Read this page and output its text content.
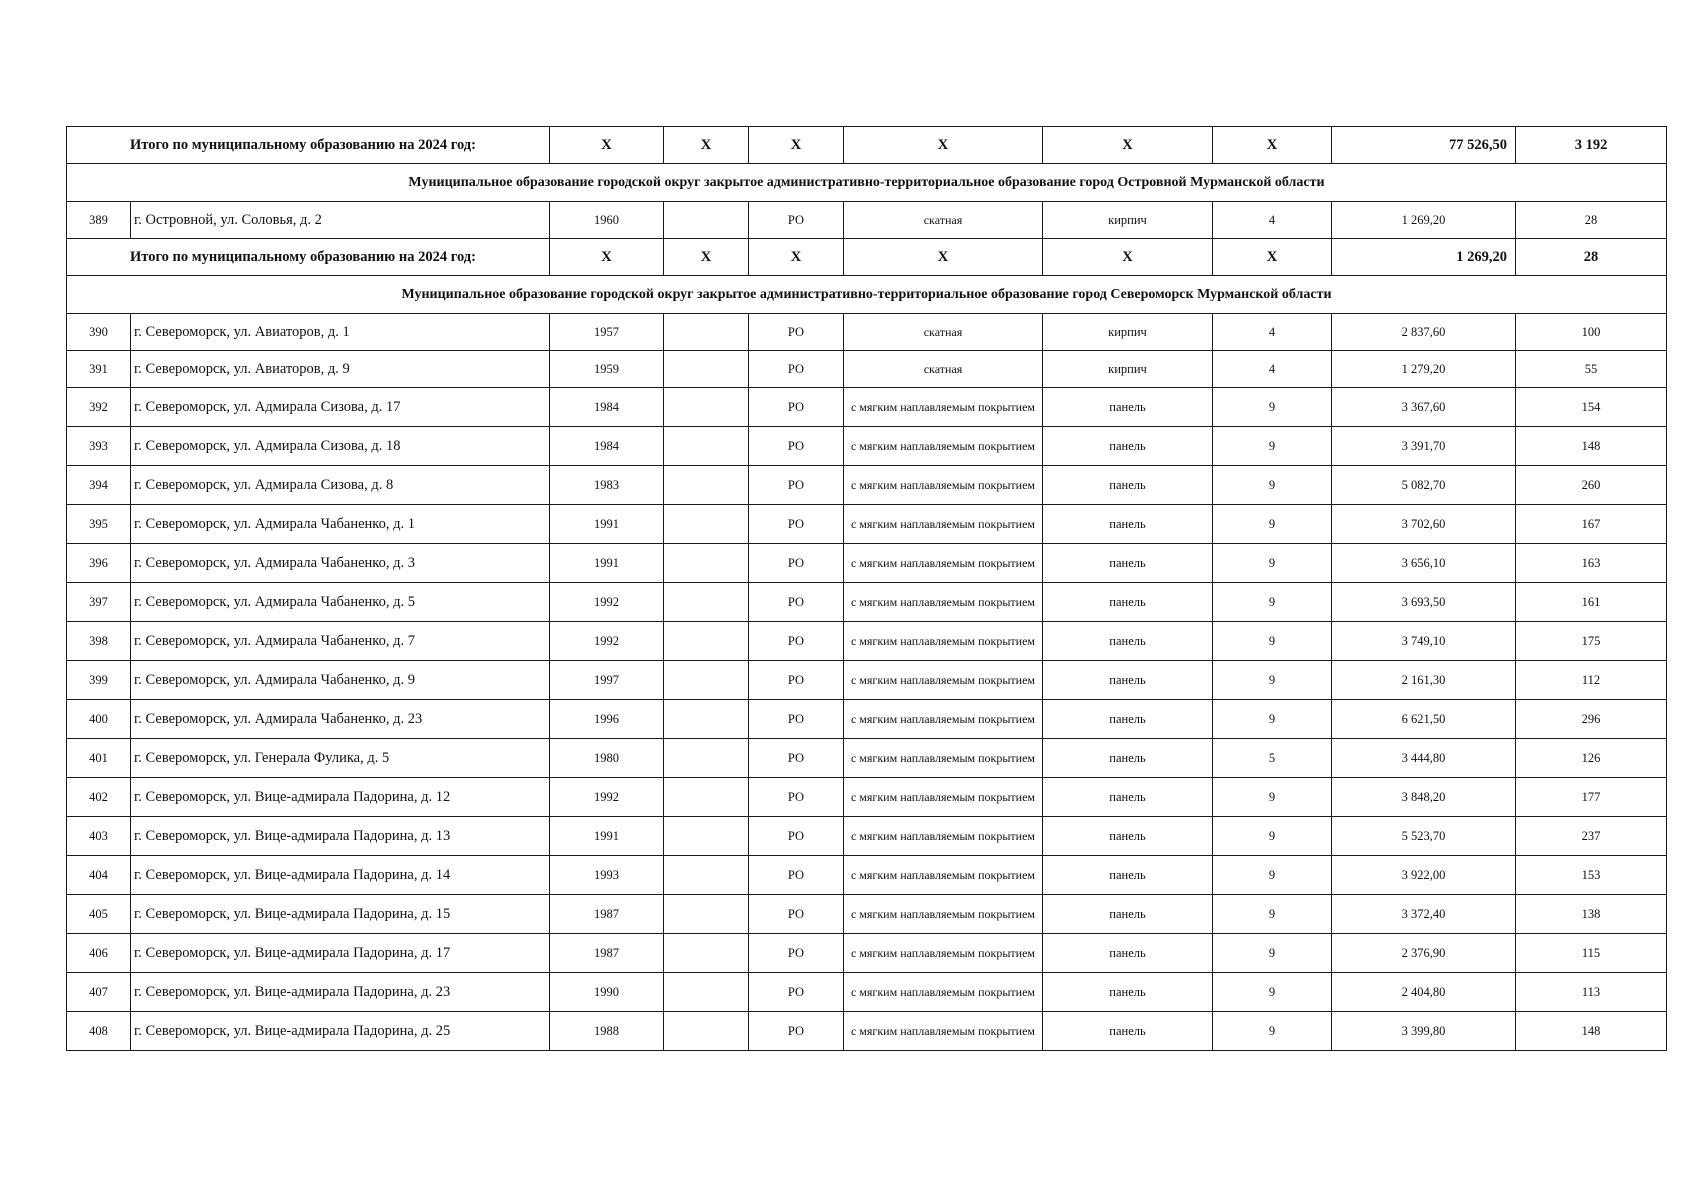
Итого по муниципальному образованию на 2024 год:		X	X	X	X	X	X	77 526,50	3 192
Муниципальное образование городской округ закрытое административно-территориальное образование город Островной Мурманской области									
389	г. Островной, ул. Соловья, д. 2	1960		РО	скатная	кирпич	4	1 269,20	28
Итого по муниципальному образованию на 2024 год:		X	X	X	X	X	X	1 269,20	28
Муниципальное образование городской округ закрытое административно-территориальное образование город Североморск Мурманской области									
390	г. Североморск, ул. Авиаторов, д. 1	1957		РО	скатная	кирпич	4	2 837,60	100
391	г. Североморск, ул. Авиаторов, д. 9	1959		РО	скатная	кирпич	4	1 279,20	55
392	г. Североморск, ул. Адмирала Сизова, д. 17	1984		РО	с мягким наплавляемым покрытием	панель	9	3 367,60	154
393	г. Североморск, ул. Адмирала Сизова, д. 18	1984		РО	с мягким наплавляемым покрытием	панель	9	3 391,70	148
394	г. Североморск, ул. Адмирала Сизова, д. 8	1983		РО	с мягким наплавляемым покрытием	панель	9	5 082,70	260
395	г. Североморск, ул. Адмирала Чабаненко, д. 1	1991		РО	с мягким наплавляемым покрытием	панель	9	3 702,60	167
396	г. Североморск, ул. Адмирала Чабаненко, д. 3	1991		РО	с мягким наплавляемым покрытием	панель	9	3 656,10	163
397	г. Североморск, ул. Адмирала Чабаненко, д. 5	1992		РО	с мягким наплавляемым покрытием	панель	9	3 693,50	161
398	г. Североморск, ул. Адмирала Чабаненко, д. 7	1992		РО	с мягким наплавляемым покрытием	панель	9	3 749,10	175
399	г. Североморск, ул. Адмирала Чабаненко, д. 9	1997		РО	с мягким наплавляемым покрытием	панель	9	2 161,30	112
400	г. Североморск, ул. Адмирала Чабаненко, д. 23	1996		РО	с мягким наплавляемым покрытием	панель	9	6 621,50	296
401	г. Североморск, ул. Генерала Фулика, д. 5	1980		РО	с мягким наплавляемым покрытием	панель	5	3 444,80	126
402	г. Североморск, ул. Вице-адмирала Падорина, д. 12	1992		РО	с мягким наплавляемым покрытием	панель	9	3 848,20	177
403	г. Североморск, ул. Вице-адмирала Падорина, д. 13	1991		РО	с мягким наплавляемым покрытием	панель	9	5 523,70	237
404	г. Североморск, ул. Вице-адмирала Падорина, д. 14	1993		РО	с мягким наплавляемым покрытием	панель	9	3 922,00	153
405	г. Североморск, ул. Вице-адмирала Падорина, д. 15	1987		РО	с мягким наплавляемым покрытием	панель	9	3 372,40	138
406	г. Североморск, ул. Вице-адмирала Падорина, д. 17	1987		РО	с мягким наплавляемым покрытием	панель	9	2 376,90	115
407	г. Североморск, ул. Вице-адмирала Падорина, д. 23	1990		РО	с мягким наплавляемым покрытием	панель	9	2 404,80	113
408	г. Североморск, ул. Вице-адмирала Падорина, д. 25	1988		РО	с мягким наплавляемым покрытием	панель	9	3 399,80	148
